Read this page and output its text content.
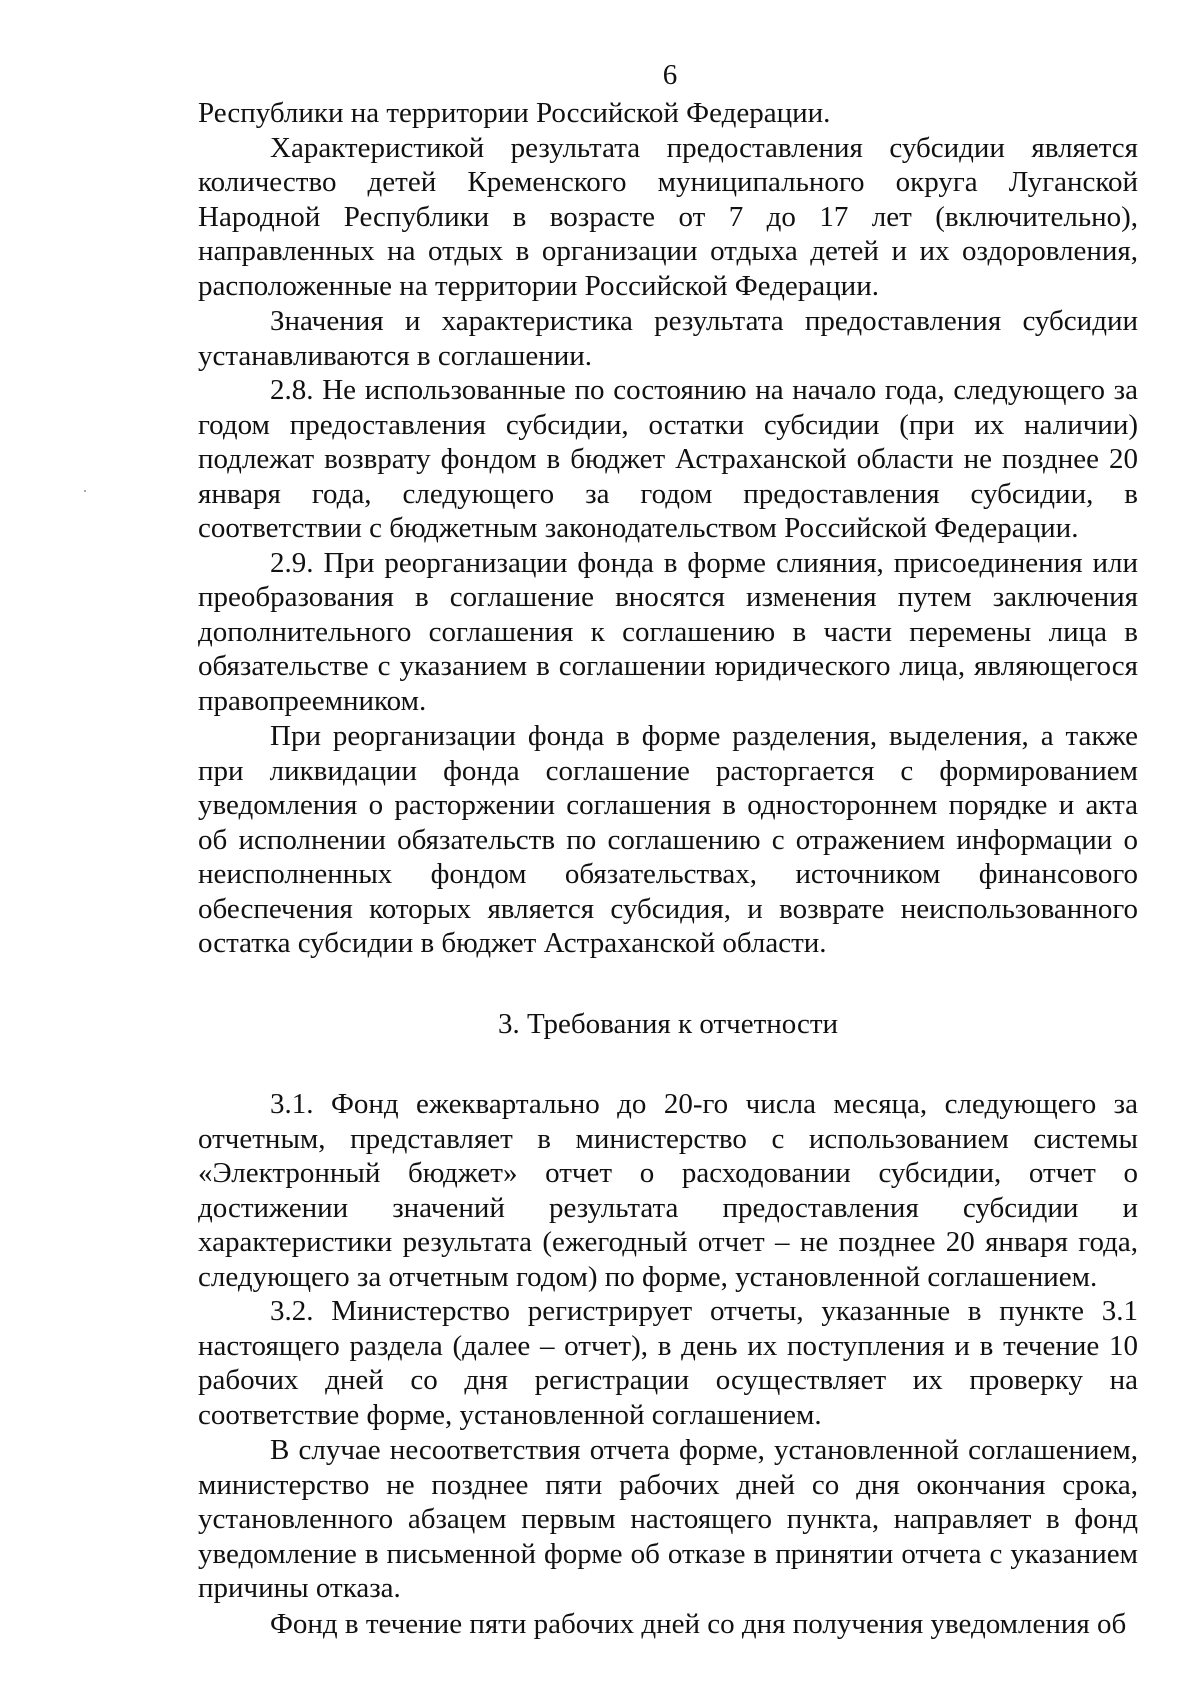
6

Республики на территории Российской Федерации.

Характеристикой результата предоставления субсидии является количество детей Кременского муниципального округа Луганской Народной Республики в возрасте от 7 до 17 лет (включительно), направленных на отдых в организации отдыха детей и их оздоровления, расположенные на территории Российской Федерации.

Значения и характеристика результата предоставления субсидии устанавливаются в соглашении.

2.8. Не использованные по состоянию на начало года, следующего за годом предоставления субсидии, остатки субсидии (при их наличии) подлежат возврату фондом в бюджет Астраханской области не позднее 20 января года, следующего за годом предоставления субсидии, в соответствии с бюджетным законодательством Российской Федерации.

2.9. При реорганизации фонда в форме слияния, присоединения или преобразования в соглашение вносятся изменения путем заключения дополнительного соглашения к соглашению в части перемены лица в обязательстве с указанием в соглашении юридического лица, являющегося правопреемником.

При реорганизации фонда в форме разделения, выделения, а также при ликвидации фонда соглашение расторгается с формированием уведомления о расторжении соглашения в одностороннем порядке и акта об исполнении обязательств по соглашению с отражением информации о неисполненных фондом обязательствах, источником финансового обеспечения которых является субсидия, и возврате неиспользованного остатка субсидии в бюджет Астраханской области.

3. Требования к отчетности

3.1. Фонд ежеквартально до 20-го числа месяца, следующего за отчетным, представляет в министерство с использованием системы «Электронный бюджет» отчет о расходовании субсидии, отчет о достижении значений результата предоставления субсидии и характеристики результата (ежегодный отчет – не позднее 20 января года, следующего за отчетным годом) по форме, установленной соглашением.

3.2. Министерство регистрирует отчеты, указанные в пункте 3.1 настоящего раздела (далее – отчет), в день их поступления и в течение 10 рабочих дней со дня регистрации осуществляет их проверку на соответствие форме, установленной соглашением.

В случае несоответствия отчета форме, установленной соглашением, министерство не позднее пяти рабочих дней со дня окончания срока, установленного абзацем первым настоящего пункта, направляет в фонд уведомление в письменной форме об отказе в принятии отчета с указанием причины отказа.

Фонд в течение пяти рабочих дней со дня получения уведомления об
